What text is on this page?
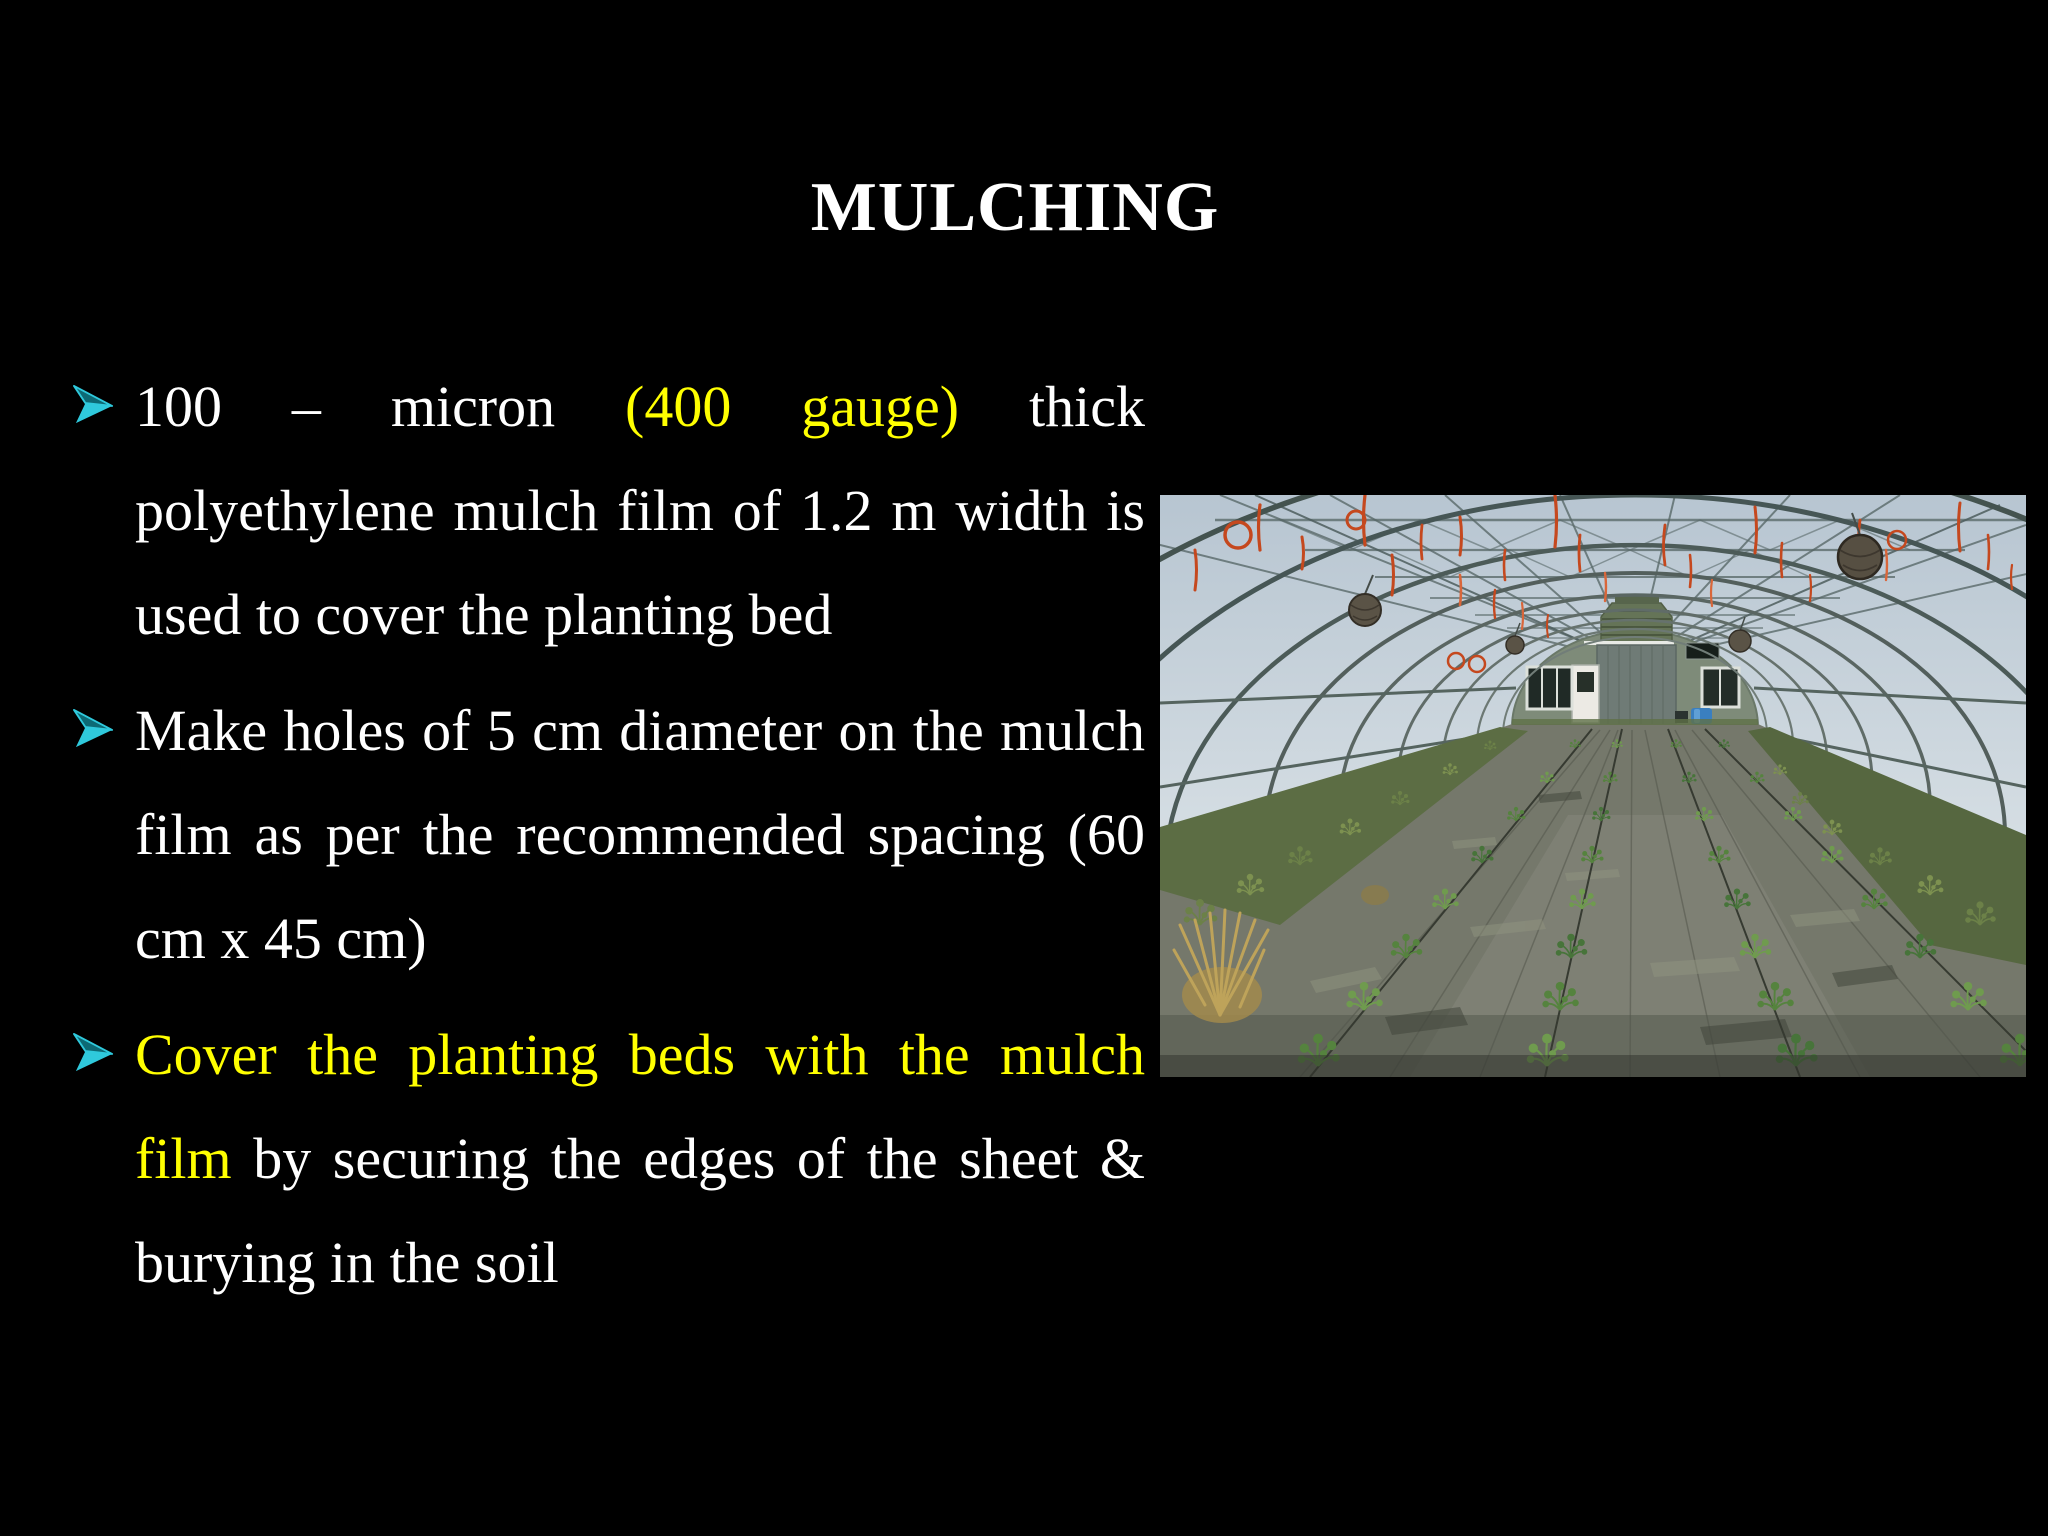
MULCHING
100 – micron (400 gauge) thick
polyethylene mulch film of 1.2 m width is
used to cover the planting bed
Make holes of 5 cm diameter on the mulch
film as per the recommended spacing (60
cm x 45 cm)
Cover the planting beds with the mulch
film by securing the edges of the sheet &
burying in the soil
